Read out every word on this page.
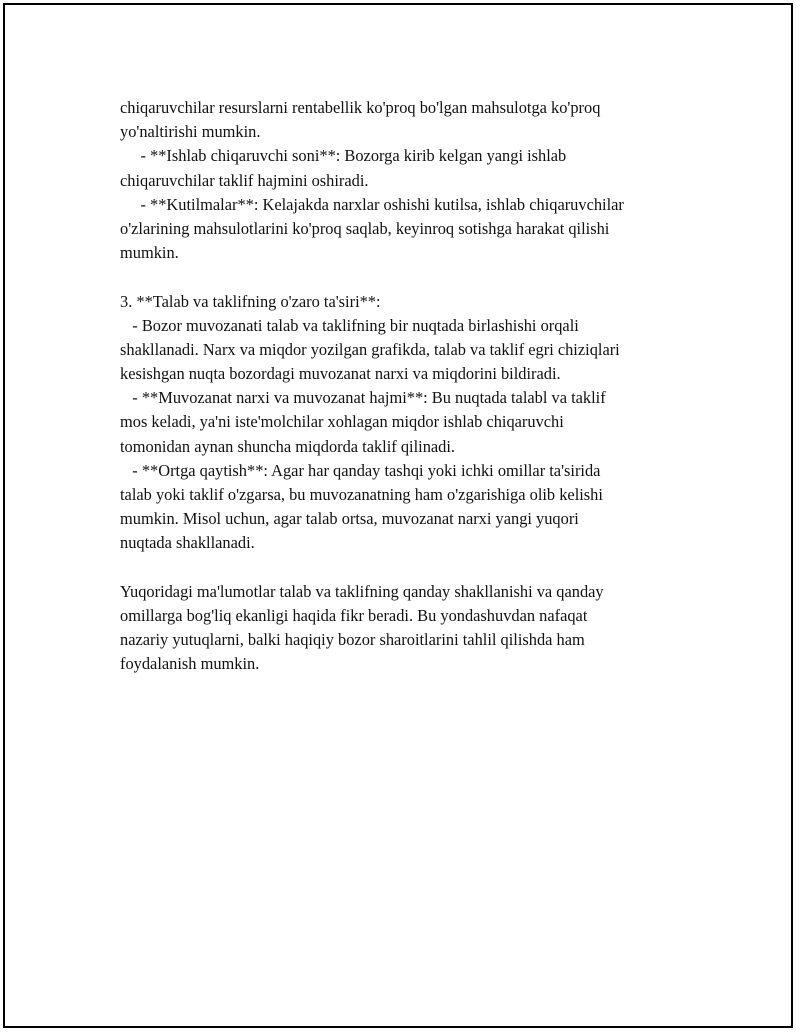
chiqaruvchilar resurslarni rentabellik ko'proq bo'lgan mahsulotga ko'proq
yo'naltirishi mumkin.
- **Ishlab chiqaruvchi soni**: Bozorga kirib kelgan yangi ishlab
chiqaruvchilar taklif hajmini oshiradi.
- **Kutilmalar**: Kelajakda narxlar oshishi kutilsa, ishlab chiqaruvchilar
o'zlarining mahsulotlarini ko'proq saqlab, keyinroq sotishga harakat qilishi
mumkin.
3. **Talab va taklifning o'zaro ta'siri**:
- Bozor muvozanati talab va taklifning bir nuqtada birlashishi orqali
shakllanadi. Narx va miqdor yozilgan grafikda, talab va taklif egri chiziqlari
kesishgan nuqta bozordagi muvozanat narxi va miqdorini bildiradi.
- **Muvozanat narxi va muvozanat hajmi**: Bu nuqtada talabl va taklif
mos keladi, ya'ni iste'molchilar xohlagan miqdor ishlab chiqaruvchi
tomonidan aynan shuncha miqdorda taklif qilinadi.
- **Ortga qaytish**: Agar har qanday tashqi yoki ichki omillar ta'sirida
talab yoki taklif o'zgarsa, bu muvozanatning ham o'zgarishiga olib kelishi
mumkin. Misol uchun, agar talab ortsa, muvozanat narxi yangi yuqori
nuqtada shakllanadi.
Yuqoridagi ma'lumotlar talab va taklifning qanday shakllanishi va qanday
omillarga bog'liq ekanligi haqida fikr beradi. Bu yondashuvdan nafaqat
nazariy yutuqlarni, balki haqiqiy bozor sharoitlarini tahlil qilishda ham
foydalanish mumkin.
